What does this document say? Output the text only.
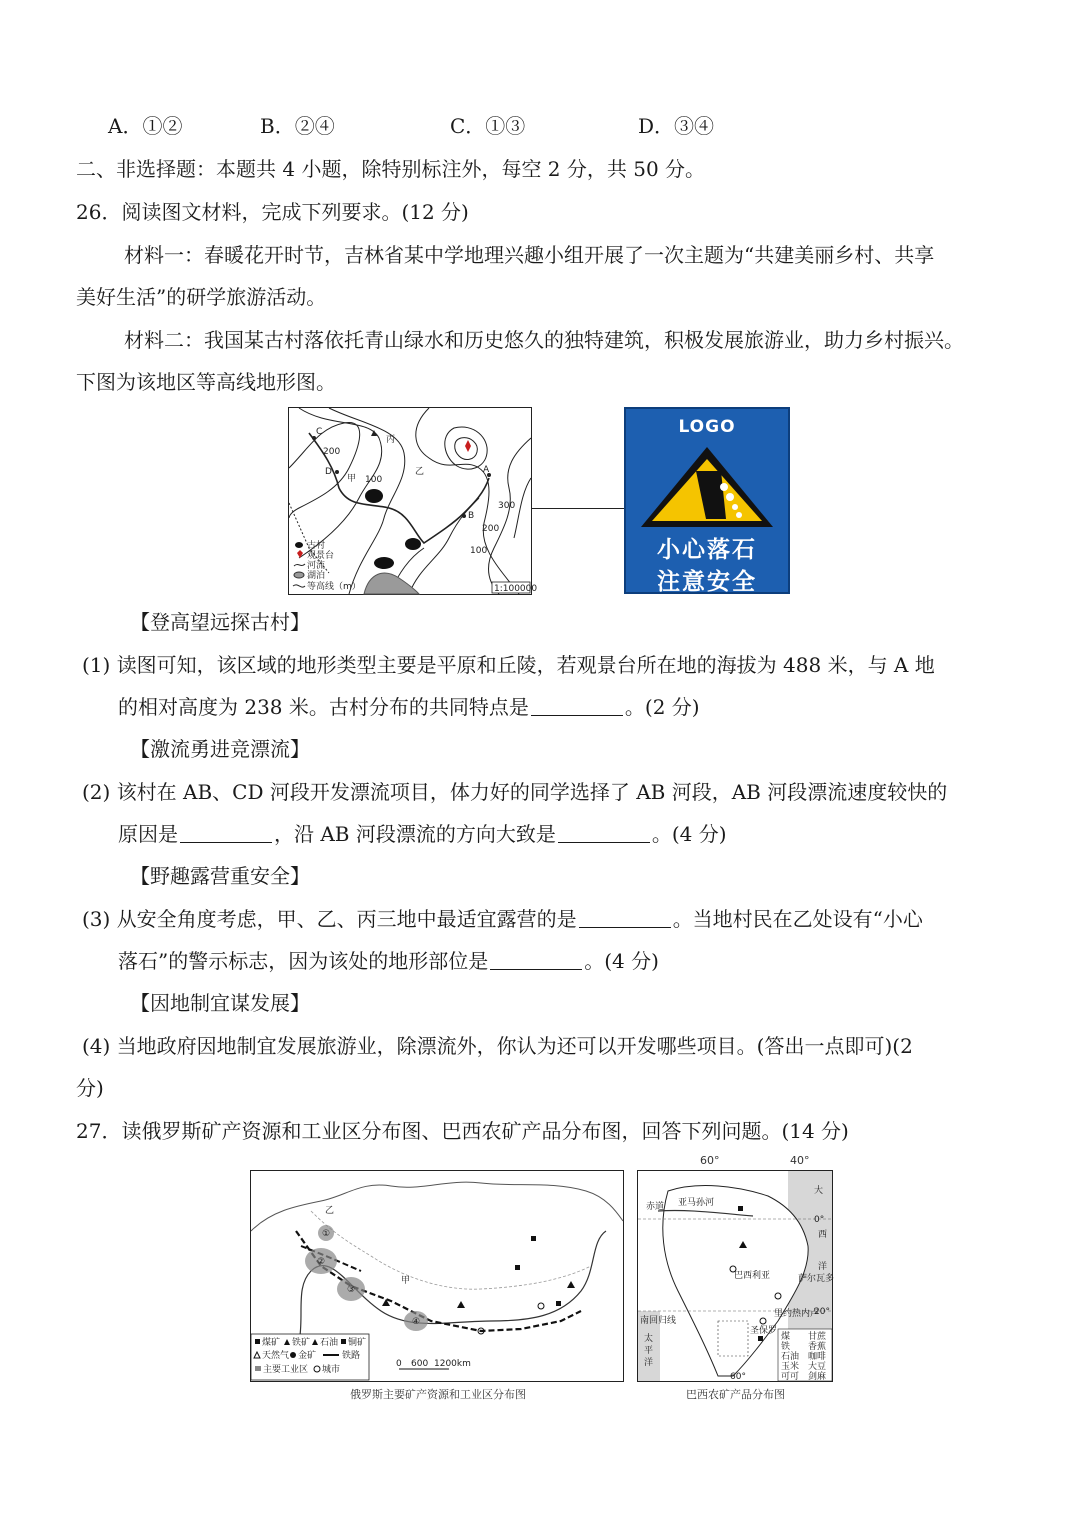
A．①②	B．②④	C．①③	D．③④
二、非选择题：本题共 4 小题，除特别标注外，每空 2 分，共 50 分。
26．阅读图文材料，完成下列要求。(12 分)
材料一：春暖花开时节，吉林省某中学地理兴趣小组开展了一次主题为“共建美丽乡村、共享
美好生活”的研学旅游活动。
材料二：我国某古村落依托青山绿水和历史悠久的独特建筑，积极发展旅游业，助力乡村振兴。
下图为该地区等高线地形图。
丙
乙
甲
A
B
C
D
200
100
300
200
100
古村
观景台
河流
湖泊
等高线（m）	1:100000
LOGO
小心落石
注意安全
【登高望远探古村】
(1) 读图可知，该区域的地形类型主要是平原和丘陵，若观景台所在地的海拔为 488 米，与 A 地
的相对高度为 238 米。古村分布的共同特点是	。(2 分)
【激流勇进竞漂流】
(2) 该村在 AB、CD 河段开发漂流项目，体力好的同学选择了 AB 河段，AB 河段漂流速度较快的
原因是	，沿 AB 河段漂流的方向大致是	。(4 分)
【野趣露营重安全】
(3) 从安全角度考虑，甲、乙、丙三地中最适宜露营的是	。当地村民在乙处设有“小心
落石”的警示标志，因为该处的地形部位是	。(4 分)
【因地制宜谋发展】
(4) 当地政府因地制宜发展旅游业，除漂流外，你认为还可以开发哪些项目。(答出一点即可)(2
分)
27．读俄罗斯矿产资源和工业区分布图、巴西农矿产品分布图，回答下列问题。(14 分)
②
③
④
①
甲
乙
煤矿 铁矿 石油 铜矿
天然气 金矿	铁路
主要工业区 城市
0 600 1200km
俄罗斯主要矿产资源和工业区分布图
赤道 亚马孙河
巴西利亚
圣保罗
里约热内卢
萨尔瓦多
南回归线
大
西
洋
太
平
洋
0°
20°
60°
煤 甘蔗
铁 香蕉
石油 咖啡
玉米 大豆
可可 剑麻
60°	40°
巴西农矿产品分布图
